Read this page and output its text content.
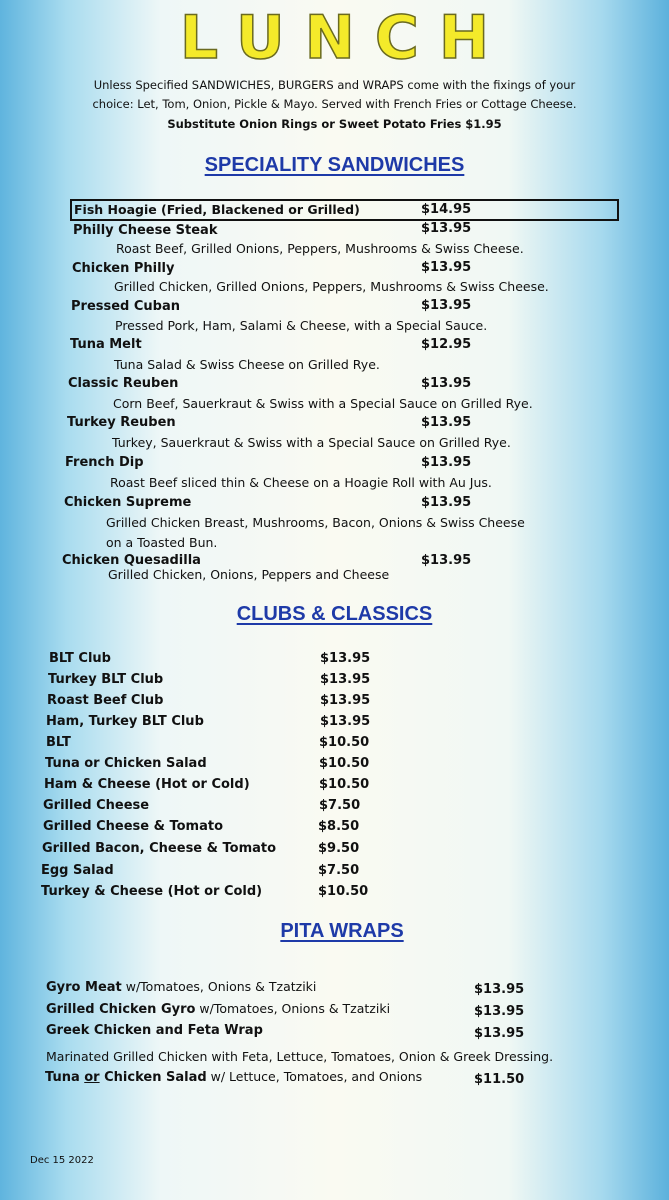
LUNCH
Unless Specified SANDWICHES, BURGERS and WRAPS come with the fixings of your
choice: Let, Tom, Onion, Pickle & Mayo. Served with French Fries or Cottage Cheese.
Substitute Onion Rings or Sweet Potato Fries $1.95
SPECIALITY SANDWICHES
Fish Hoagie (Fried, Blackened or Grilled)	$14.95
Philly Cheese Steak	$13.95
Roast Beef, Grilled Onions, Peppers, Mushrooms & Swiss Cheese.
Chicken Philly	$13.95
Grilled Chicken, Grilled Onions, Peppers, Mushrooms & Swiss Cheese.
Pressed Cuban	$13.95
Pressed Pork, Ham, Salami & Cheese, with a Special Sauce.
Tuna Melt	$12.95
Tuna Salad & Swiss Cheese on Grilled Rye.
Classic Reuben	$13.95
Corn Beef, Sauerkraut & Swiss with a Special Sauce on Grilled Rye.
Turkey Reuben	$13.95
Turkey, Sauerkraut & Swiss with a Special Sauce on Grilled Rye.
French Dip	$13.95
Roast Beef sliced thin & Cheese on a Hoagie Roll with Au Jus.
Chicken Supreme	$13.95
Grilled Chicken Breast, Mushrooms, Bacon, Onions & Swiss Cheese
on a Toasted Bun.
Chicken Quesadilla	$13.95
Grilled Chicken, Onions, Peppers and Cheese
CLUBS & CLASSICS
BLT Club	$13.95
Turkey BLT Club	$13.95
Roast Beef Club	$13.95
Ham, Turkey BLT Club	$13.95
BLT	$10.50
Tuna or Chicken Salad	$10.50
Ham & Cheese (Hot or Cold)	$10.50
Grilled Cheese	$7.50
Grilled Cheese & Tomato	$8.50
Grilled Bacon, Cheese & Tomato	$9.50
Egg Salad	$7.50
Turkey & Cheese (Hot or Cold)	$10.50
PITA WRAPS
Gyro Meat w/Tomatoes, Onions & Tzatziki	$13.95
Grilled Chicken Gyro w/Tomatoes, Onions & Tzatziki	$13.95
Greek Chicken and Feta Wrap	$13.95
Marinated Grilled Chicken with Feta, Lettuce, Tomatoes, Onion & Greek Dressing.
Tuna or Chicken Salad w/ Lettuce, Tomatoes, and Onions	$11.50
Dec 15 2022
